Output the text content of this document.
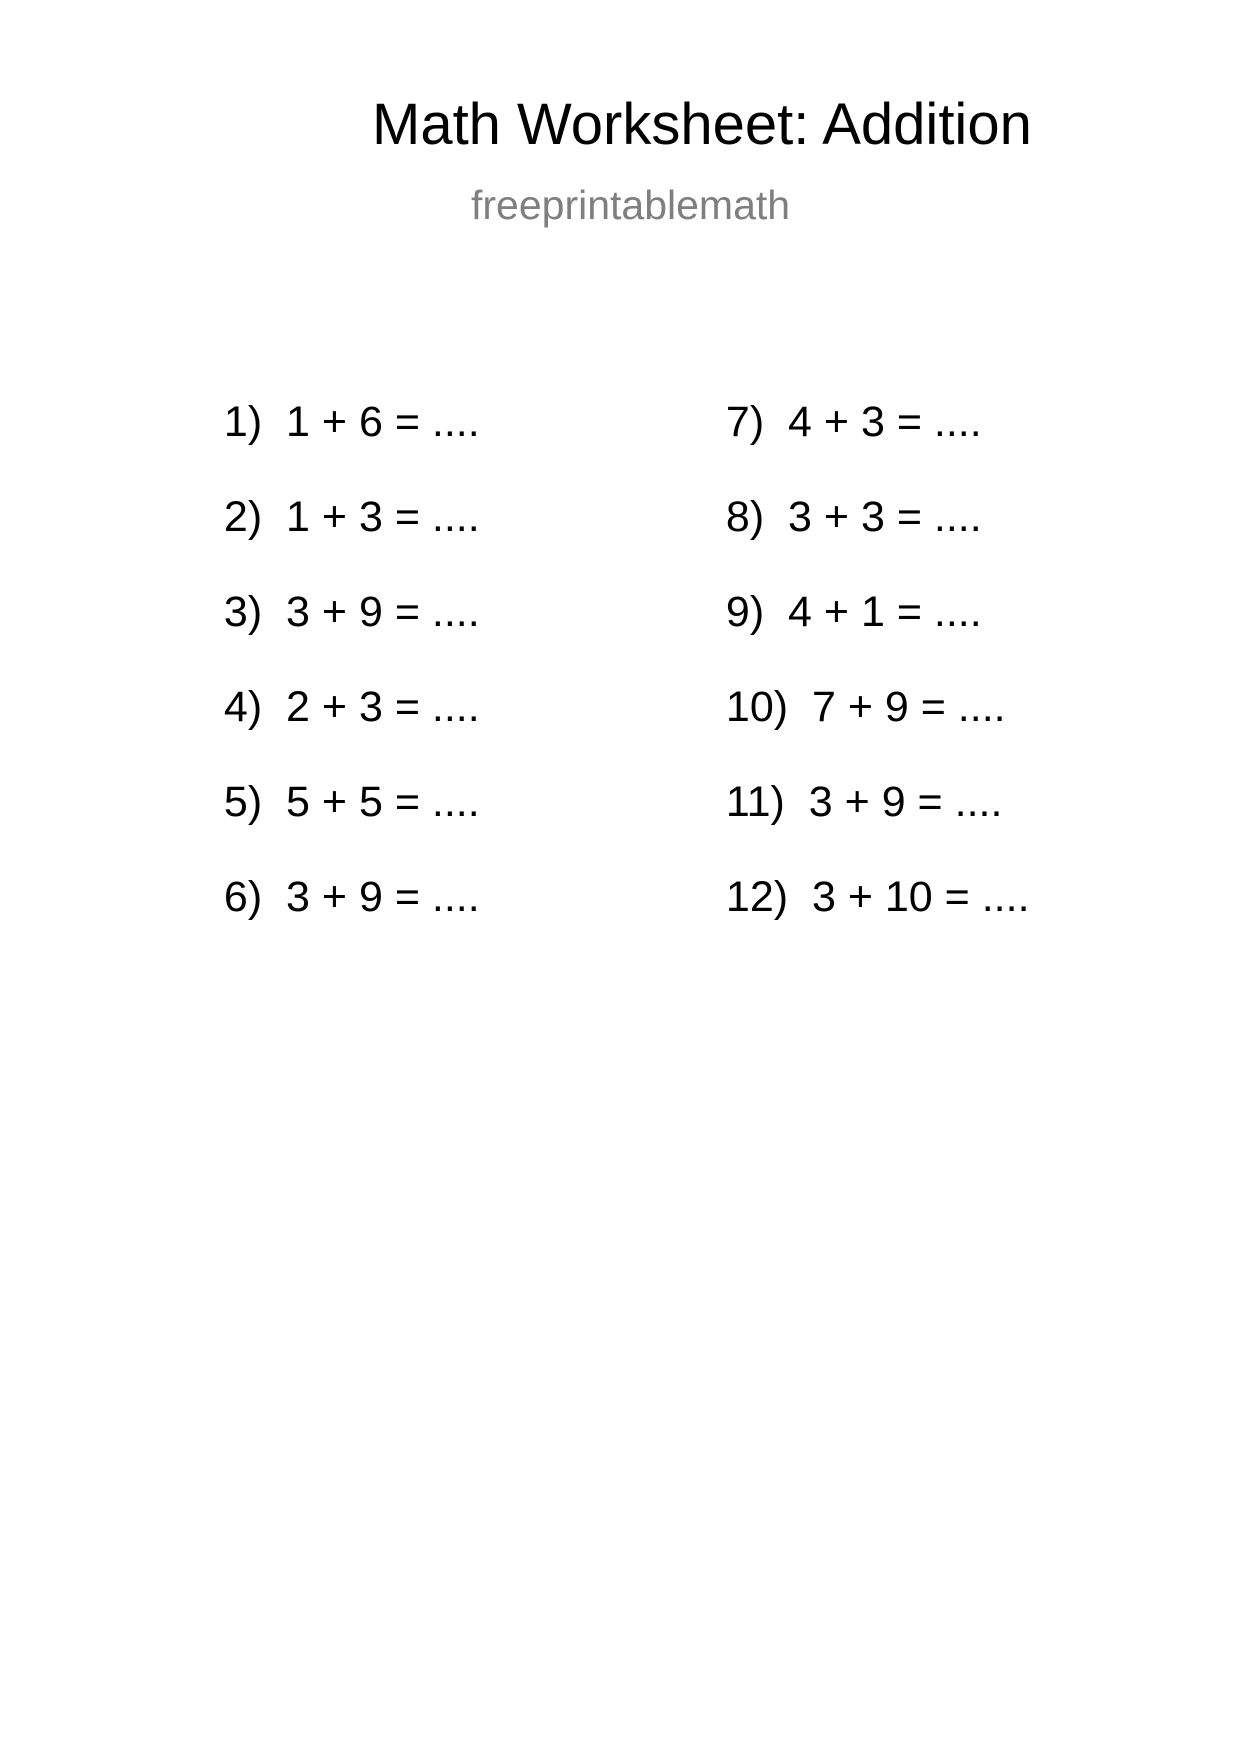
Math Worksheet: Addition
freeprintablemath

1) 1 + 6 = ....

2) 1 + 3 = ....

3) 3 + 9 = ....

4) 2 + 3 = ....

5) 5 + 5 = ....

6) 3 + 9 = ....

7) 4 + 3 = ....

8) 3 + 3 = ....

9) 4 + 1 = ....

10) 7 + 9 = ....

11) 3 + 9 = ....

12) 3 + 10 = ....
